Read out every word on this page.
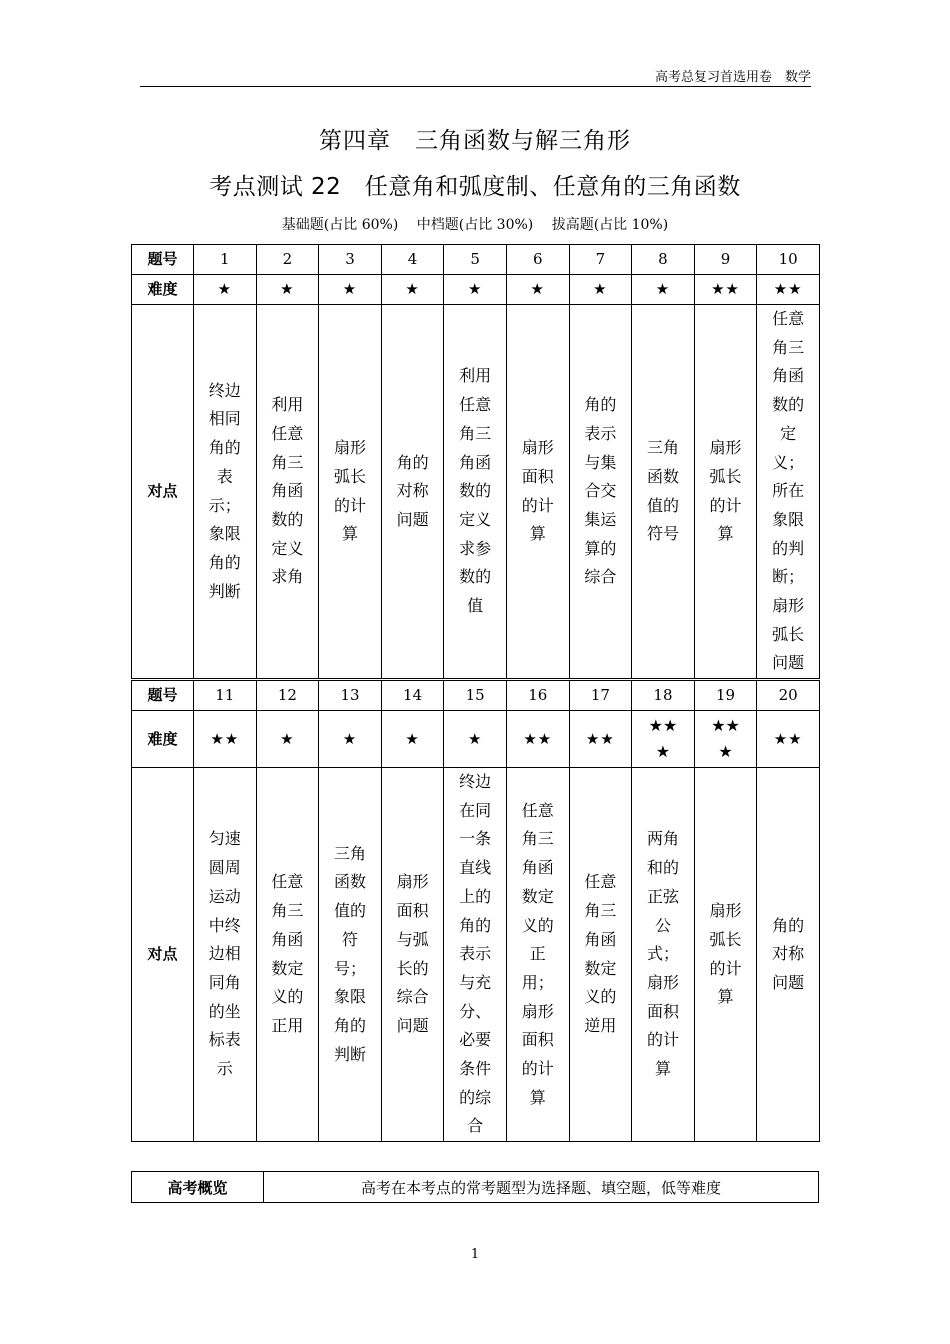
高考总复习首选用卷　数学
第四章　三角函数与解三角形
考点测试 22　任意角和弧度制、任意角的三角函数
基础题(占比 60%) 中档题(占比 30%) 拔高题(占比 10%)
题号	1	2	3	4	5	6	7	8	9	10
难度	★	★	★	★	★	★	★	★	★★	★★
对点	终边相同角的表示；象限角的判断	利用任意角三角函数的定义求角	扇形弧长的计算	角的对称问题	利用任意角三角函数的定义求参数的值	扇形面积的计算	角的表示与集合交集运算的综合	三角函数值的符号	扇形弧长的计算	任意角三角函数的定义；所在象限的判断；扇形弧长问题
题号	11	12	13	14	15	16	17	18	19	20
难度	★★	★	★	★	★	★★	★★	★★★	★★★	★★
对点	匀速圆周运动中终边相同角的坐标表示	任意角三角函数定义的正用	三角函数值的符号；象限角的判断	扇形面积与弧长的综合问题	终边在同一条直线上的角的表示与充分、必要条件的综合	任意角三角函数定义的正用；扇形面积的计算	任意角三角函数定义的逆用	两角和的正弦公式；扇形面积的计算	扇形弧长的计算	角的对称问题
高考概览	高考在本考点的常考题型为选择题、填空题，低等难度
1
